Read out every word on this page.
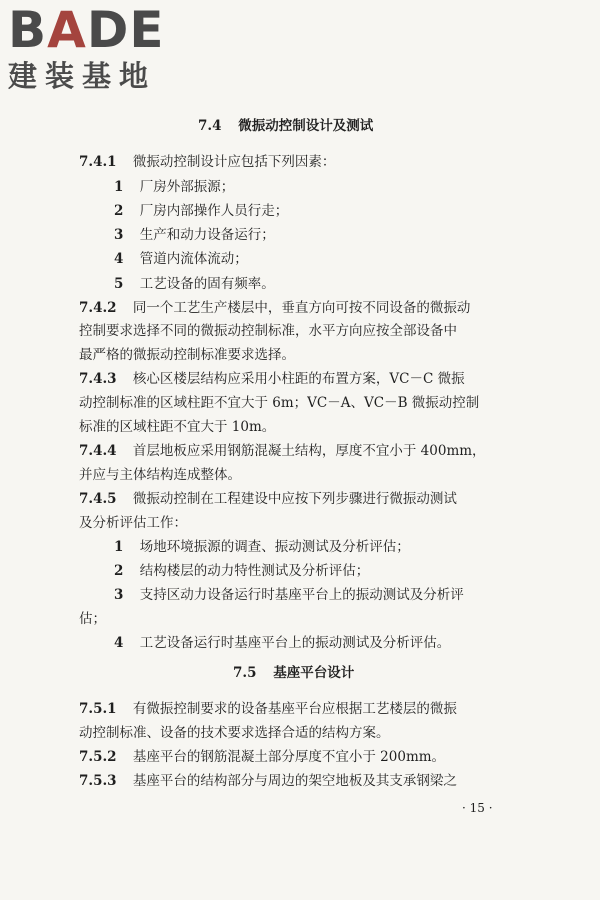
BADE
建装基地
7.4 微振动控制设计及测试
7.4.1 微振动控制设计应包括下列因素：
1 厂房外部振源；
2 厂房内部操作人员行走；
3 生产和动力设备运行；
4 管道内流体流动；
5 工艺设备的固有频率。
7.4.2 同一个工艺生产楼层中，垂直方向可按不同设备的微振动
控制要求选择不同的微振动控制标准，水平方向应按全部设备中
最严格的微振动控制标准要求选择。
7.4.3 核心区楼层结构应采用小柱距的布置方案，VC－C 微振
动控制标准的区域柱距不宜大于 6m；VC－A、VC－B 微振动控制
标准的区域柱距不宜大于 10m。
7.4.4 首层地板应采用钢筋混凝土结构，厚度不宜小于 400mm，
并应与主体结构连成整体。
7.4.5 微振动控制在工程建设中应按下列步骤进行微振动测试
及分析评估工作：
1 场地环境振源的调查、振动测试及分析评估；
2 结构楼层的动力特性测试及分析评估；
3 支持区动力设备运行时基座平台上的振动测试及分析评
估；
4 工艺设备运行时基座平台上的振动测试及分析评估。
7.5 基座平台设计
7.5.1 有微振控制要求的设备基座平台应根据工艺楼层的微振
动控制标准、设备的技术要求选择合适的结构方案。
7.5.2 基座平台的钢筋混凝土部分厚度不宜小于 200mm。
7.5.3 基座平台的结构部分与周边的架空地板及其支承钢梁之
· 15 ·
